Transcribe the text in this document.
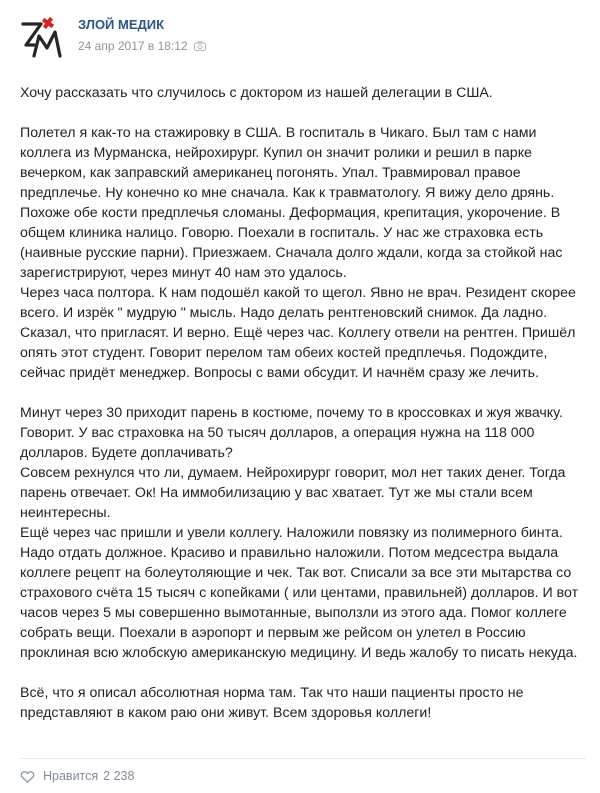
ЗЛОЙ МЕДИК
24 апр 2017 в 18:12
Хочу рассказать что случилось с доктором из нашей делегации в США.
Полетел я как-то на стажировку в США. В госпиталь в Чикаго. Был там с нами
коллега из Мурманска, нейрохирург. Купил он значит ролики и решил в парке
вечерком, как заправский американец погонять. Упал. Травмировал правое
предплечье. Ну конечно ко мне сначала. Как к травматологу. Я вижу дело дрянь.
Похоже обе кости предплечья сломаны. Деформация, крепитация, укорочение. В
общем клиника налицо. Говорю. Поехали в госпиталь. У нас же страховка есть
(наивные русские парни). Приезжаем. Сначала долго ждали, когда за стойкой нас
зарегистрируют, через минут 40 нам это удалось.
Через часа полтора. К нам подошёл какой то щегол. Явно не врач. Резидент скорее
всего. И изрёк " мудрую " мысль. Надо делать рентгеновский снимок. Да ладно.
Сказал, что пригласят. И верно. Ещё через час. Коллегу отвели на рентген. Пришёл
опять этот студент. Говорит перелом там обеих костей предплечья. Подождите,
сейчас придёт менеджер. Вопросы с вами обсудит. И начнём сразу же лечить.
Минут через 30 приходит парень в костюме, почему то в кроссовках и жуя жвачку.
Говорит. У вас страховка на 50 тысяч долларов, а операция нужна на 118 000
долларов. Будете доплачивать?
Совсем рехнулся что ли, думаем. Нейрохирург говорит, мол нет таких денег. Тогда
парень отвечает. Ок! На иммобилизацию у вас хватает. Тут же мы стали всем
неинтересны.
Ещё через час пришли и увели коллегу. Наложили повязку из полимерного бинта.
Надо отдать должное. Красиво и правильно наложили. Потом медсестра выдала
коллеге рецепт на болеутоляющие и чек. Так вот. Списали за все эти мытарства со
страхового счёта 15 тысяч с копейками ( или центами, правильней) долларов. И вот
часов через 5 мы совершенно вымотанные, выползли из этого ада. Помог коллеге
собрать вещи. Поехали в аэропорт и первым же рейсом он улетел в Россию
проклиная всю жлобскую американскую медицину. И ведь жалобу то писать некуда.
Всё, что я описал абсолютная норма там. Так что наши пациенты просто не
представляют в каком раю они живут. Всем здоровья коллеги!
Нравится 2 238
